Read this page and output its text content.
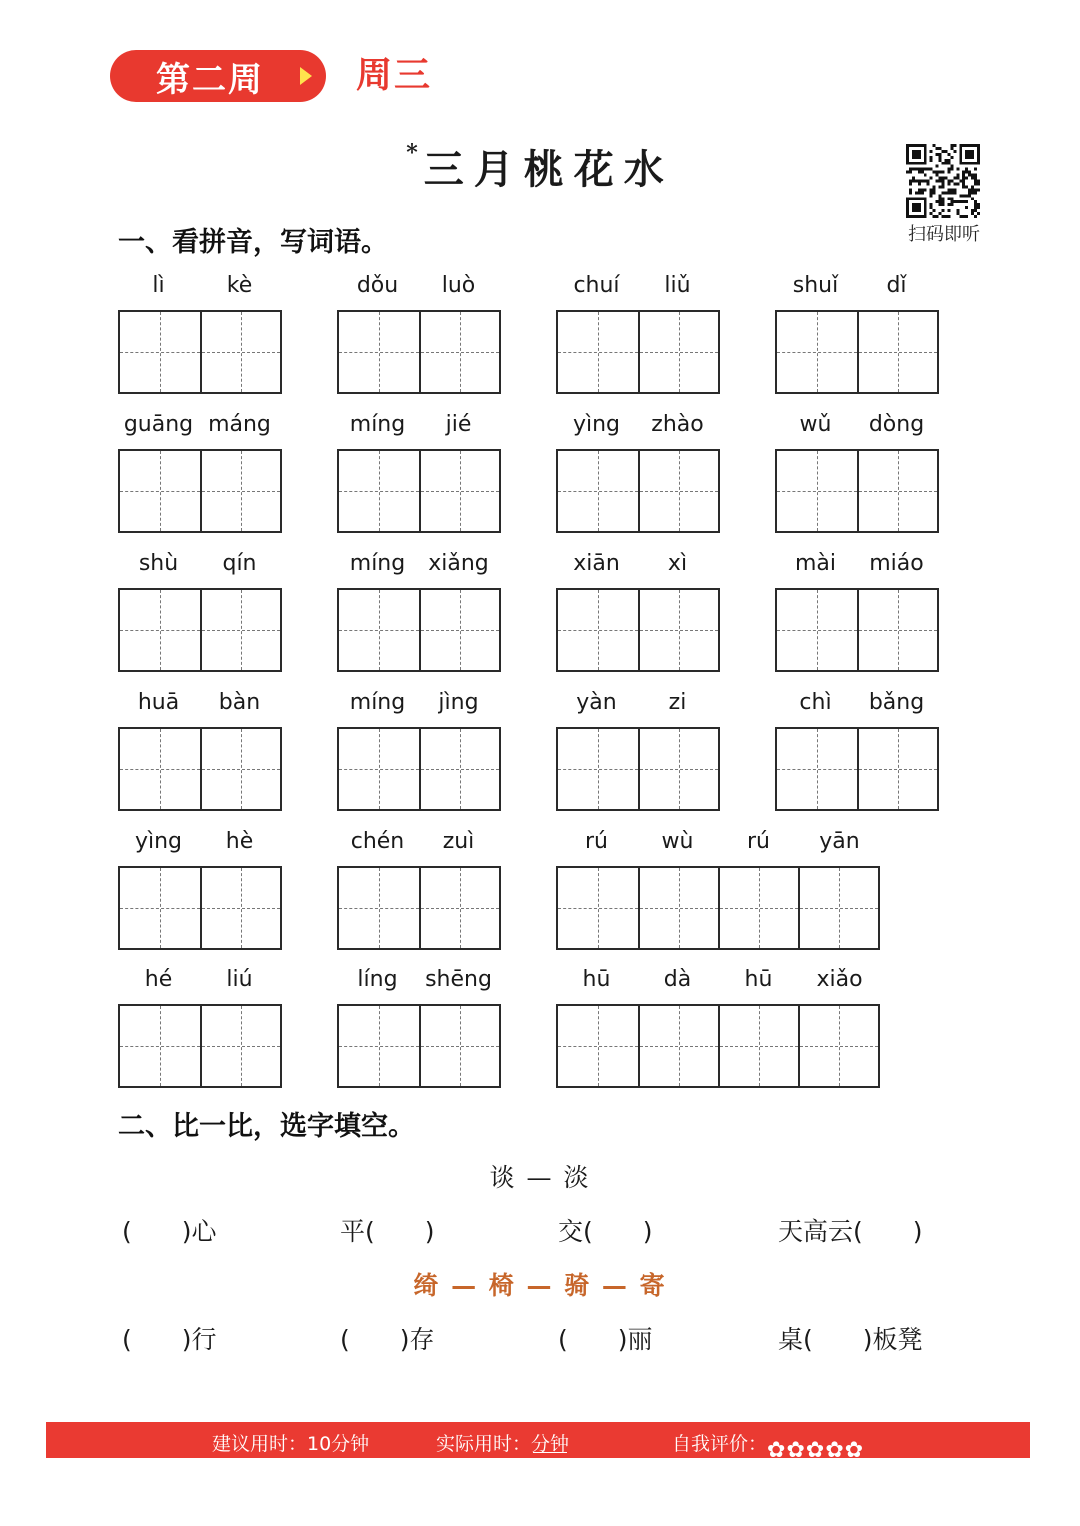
第二周	周三
* 三月桃花水
扫码即听
一、看拼音，写词语。
lì	kè	dǒu	luò	chuí	liǔ	shuǐ	dǐ
guāng máng	míng	jié	yìng	zhào	wǔ	dòng
shù	qín	míng	xiǎng	xiān	xì	mài	miáo
huā	bàn	míng	jìng	yàn	zi	chì	bǎng
yìng	hè	chén	zuì	rú	wù	rú	yān
hé	liú	líng	shēng	hū	dà	hū	xiǎo
二、比一比，选字填空。
谈 — 淡
(　　)心	平(　　)	交(　　)	天高云(　　)
绮 — 椅 — 骑 — 寄
(　　)行	(　　)存	(　　)丽	桌(　　)板凳
建议用时：10分钟	实际用时：
分钟	自我评价：✿✿✿✿✿
